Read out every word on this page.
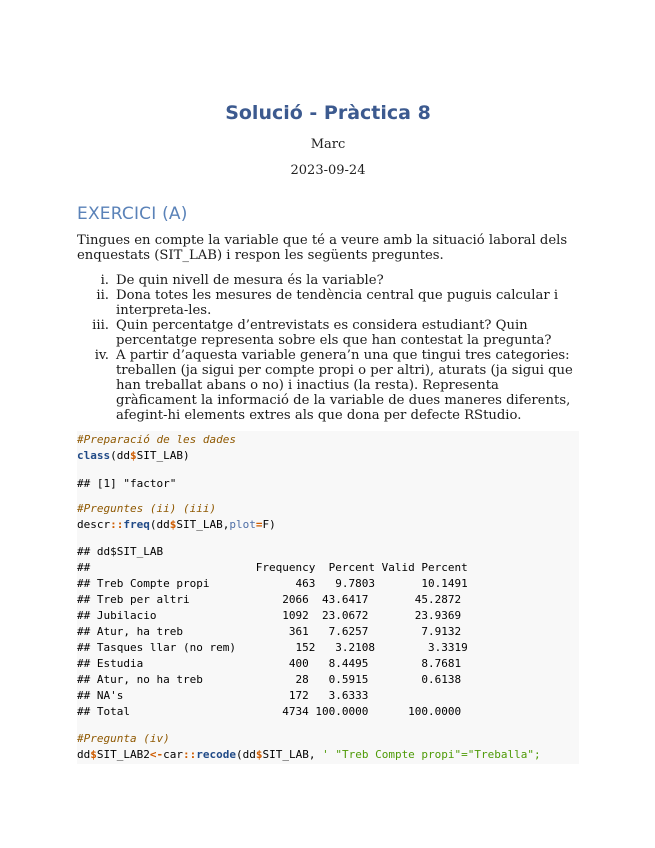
Solució - Pràctica 8
Marc
2023-09-24
EXERCICI (A)
Tingues en compte la variable que té a veure amb la situació laboral dels enquestats (SIT_LAB) i respon les següents preguntes.
i. De quin nivell de mesura és la variable?
ii. Dona totes les mesures de tendència central que puguis calcular i interpreta-les.
iii. Quin percentatge d’entrevistats es considera estudiant? Quin percentatge representa sobre els que han contestat la pregunta?
iv. A partir d’aquesta variable genera’n una que tingui tres categories: treballen (ja sigui per compte propi o per altri), aturats (ja sigui que han treballat abans o no) i inactius (la resta). Representa gràficament la informació de la variable de dues maneres diferents, afegint-hi elements extres als que dona per defecte RStudio.
#Preparació de les dades
class(dd$SIT_LAB)
## [1] "factor"
#Preguntes (ii) (iii)
descr::freq(dd$SIT_LAB,plot=F)
## dd$SIT_LAB
##                         Frequency  Percent Valid Percent
## Treb Compte propi             463   9.7803       10.1491
## Treb per altri              2066  43.6417       45.2872
## Jubilacio                   1092  23.0672       23.9369
## Atur, ha treb                361   7.6257        7.9132
## Tasques llar (no rem)         152   3.2108        3.3319
## Estudia                      400   8.4495        8.7681
## Atur, no ha treb              28   0.5915        0.6138
## NA's                         172   3.6333
## Total                       4734 100.0000      100.0000
#Pregunta (iv)
dd$SIT_LAB2<-car::recode(dd$SIT_LAB, ' "Treb Compte propi"="Treballa";
